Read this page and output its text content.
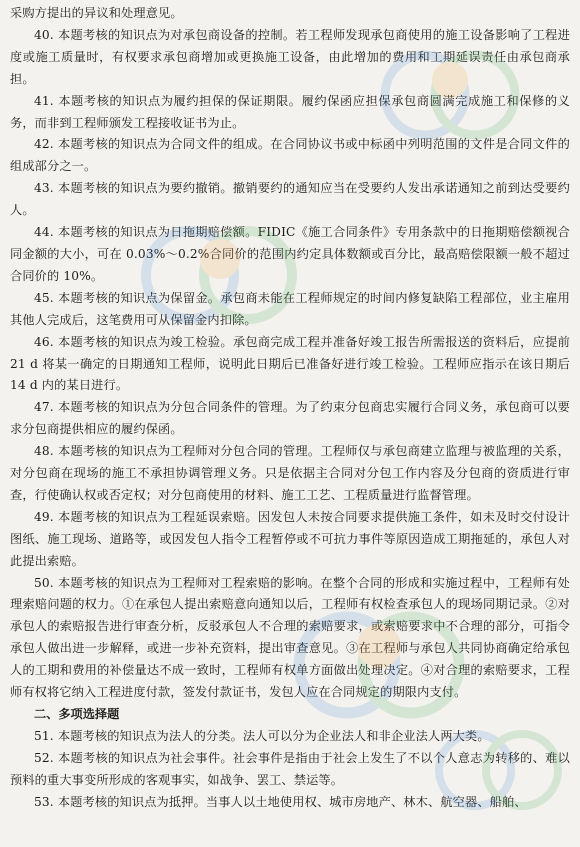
采购方提出的异议和处理意见。

40. 本题考核的知识点为对承包商设备的控制。若工程师发现承包商使用的施工设备影响了工程进度或施工质量时，有权要求承包商增加或更换施工设备，由此增加的费用和工期延误责任由承包商承担。

41. 本题考核的知识点为履约担保的保证期限。履约保函应担保承包商圆满完成施工和保修的义务，而非到工程师颁发工程接收证书为止。

42. 本题考核的知识点为合同文件的组成。在合同协议书或中标函中列明范围的文件是合同文件的组成部分之一。

43. 本题考核的知识点为要约撤销。撤销要约的通知应当在受要约人发出承诺通知之前到达受要约人。

44. 本题考核的知识点为日拖期赔偿额。FIDIC《施工合同条件》专用条款中的日拖期赔偿额视合同金额的大小，可在 0.03%～0.2%合同价的范围内约定具体数额或百分比，最高赔偿限额一般不超过合同价的 10%。

45. 本题考核的知识点为保留金。承包商未能在工程师规定的时间内修复缺陷工程部位，业主雇用其他人完成后，这笔费用可从保留金内扣除。

46. 本题考核的知识点为竣工检验。承包商完成工程并准备好竣工报告所需报送的资料后，应提前 21 d 将某一确定的日期通知工程师，说明此日期后已准备好进行竣工检验。工程师应指示在该日期后 14 d 内的某日进行。

47. 本题考核的知识点为分包合同条件的管理。为了约束分包商忠实履行合同义务，承包商可以要求分包商提供相应的履约保函。

48. 本题考核的知识点为工程师对分包合同的管理。工程师仅与承包商建立监理与被监理的关系，对分包商在现场的施工不承担协调管理义务。只是依据主合同对分包工作内容及分包商的资质进行审查，行使确认权或否定权；对分包商使用的材料、施工工艺、工程质量进行监督管理。

49. 本题考核的知识点为工程延误索赔。因发包人未按合同要求提供施工条件，如未及时交付设计图纸、施工现场、道路等，或因发包人指令工程暂停或不可抗力事件等原因造成工期拖延的，承包人对此提出索赔。

50. 本题考核的知识点为工程师对工程索赔的影响。在整个合同的形成和实施过程中，工程师有处理索赔问题的权力。①在承包人提出索赔意向通知以后，工程师有权检查承包人的现场同期记录。②对承包人的索赔报告进行审查分析，反驳承包人不合理的索赔要求，或索赔要求中不合理的部分，可指令承包人做出进一步解释，或进一步补充资料，提出审查意见。③在工程师与承包人共同协商确定给承包人的工期和费用的补偿量达不成一致时，工程师有权单方面做出处理决定。④对合理的索赔要求，工程师有权将它纳入工程进度付款，签发付款证书，发包人应在合同规定的期限内支付。

二、多项选择题

51. 本题考核的知识点为法人的分类。法人可以分为企业法人和非企业法人两大类。

52. 本题考核的知识点为社会事件。社会事件是指由于社会上发生了不以个人意志为转移的、难以预料的重大事变所形成的客观事实，如战争、罢工、禁运等。

53. 本题考核的知识点为抵押。当事人以土地使用权、城市房地产、林木、航空器、船舶、
